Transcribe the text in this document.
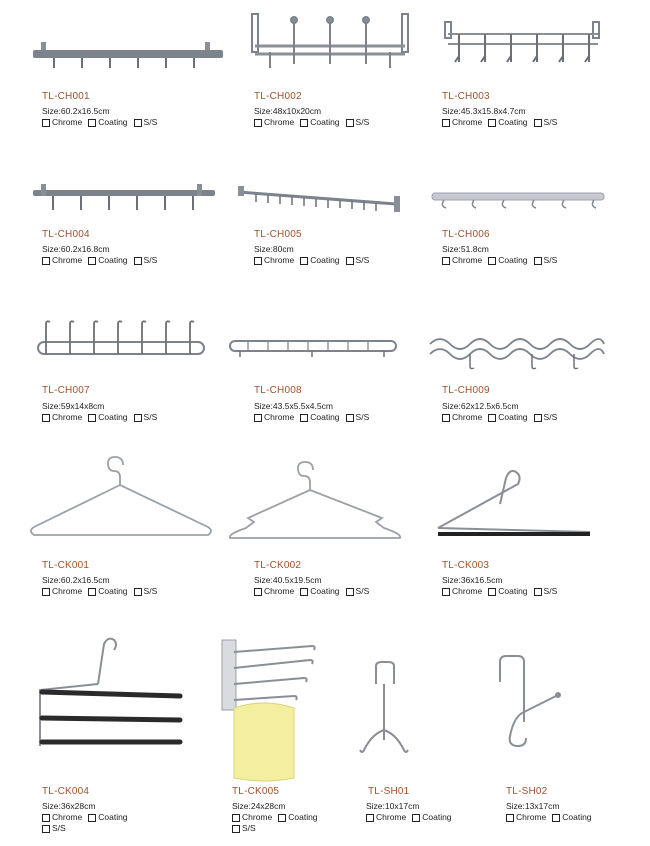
TL-CH001
Size:60.2x16.5cm
Chrome Coating S/S
TL-CH002
Size:48x10x20cm
Chrome Coating S/S
TL-CH003
Size:45.3x15.8x4.7cm
Chrome Coating S/S
TL-CH004
Size:60.2x16.8cm
Chrome Coating S/S
TL-CH005
Size:80cm
Chrome Coating S/S
TL-CH006
Size:51.8cm
Chrome Coating S/S
TL-CH007
Size:59x14x8cm
Chrome Coating S/S
TL-CH008
Size:43.5x5.5x4.5cm
Chrome Coating S/S
TL-CH009
Size:62x12.5x6.5cm
Chrome Coating S/S
TL-CK001
Size:60.2x16.5cm
Chrome Coating S/S
TL-CK002
Size:40.5x19.5cm
Chrome Coating S/S
TL-CK003
Size:36x16.5cm
Chrome Coating S/S
TL-CK004
Size:36x28cm
Chrome Coating
S/S
TL-CK005
Size:24x28cm
Chrome Coating
S/S
TL-SH01
Size:10x17cm
Chrome Coating
TL-SH02
Size:13x17cm
Chrome Coating
